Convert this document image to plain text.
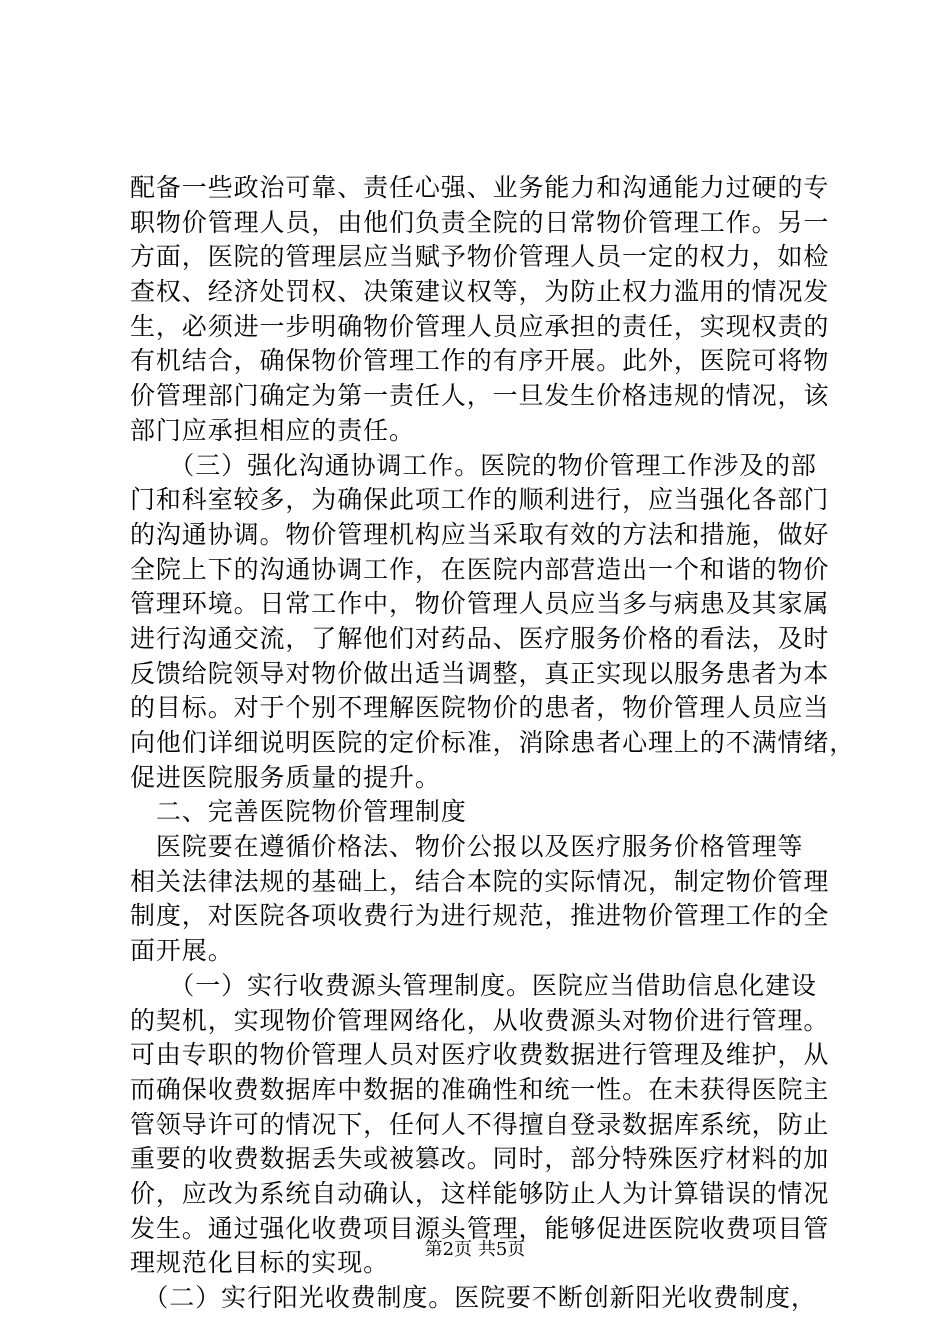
配备一些政治可靠、责任心强、业务能力和沟通能力过硬的专
职物价管理人员，由他们负责全院的日常物价管理工作。另一
方面，医院的管理层应当赋予物价管理人员一定的权力，如检
查权、经济处罚权、决策建议权等，为防止权力滥用的情况发
生，必须进一步明确物价管理人员应承担的责任，实现权责的
有机结合，确保物价管理工作的有序开展。此外，医院可将物
价管理部门确定为第一责任人，一旦发生价格违规的情况，该
部门应承担相应的责任。
　　（三）强化沟通协调工作。医院的物价管理工作涉及的部
门和科室较多，为确保此项工作的顺利进行，应当强化各部门
的沟通协调。物价管理机构应当采取有效的方法和措施，做好
全院上下的沟通协调工作，在医院内部营造出一个和谐的物价
管理环境。日常工作中，物价管理人员应当多与病患及其家属
进行沟通交流，了解他们对药品、医疗服务价格的看法，及时
反馈给院领导对物价做出适当调整，真正实现以服务患者为本
的目标。对于个别不理解医院物价的患者，物价管理人员应当
向他们详细说明医院的定价标准，消除患者心理上的不满情绪，
促进医院服务质量的提升。
　二、完善医院物价管理制度
　医院要在遵循价格法、物价公报以及医疗服务价格管理等
相关法律法规的基础上，结合本院的实际情况，制定物价管理
制度，对医院各项收费行为进行规范，推进物价管理工作的全
面开展。
　　（一）实行收费源头管理制度。医院应当借助信息化建设
的契机，实现物价管理网络化，从收费源头对物价进行管理。
可由专职的物价管理人员对医疗收费数据进行管理及维护，从
而确保收费数据库中数据的准确性和统一性。在未获得医院主
管领导许可的情况下，任何人不得擅自登录数据库系统，防止
重要的收费数据丢失或被篡改。同时，部分特殊医疗材料的加
价，应改为系统自动确认，这样能够防止人为计算错误的情况
发生。通过强化收费项目源头管理，能够促进医院收费项目管
理规范化目标的实现。
　（二）实行阳光收费制度。医院要不断创新阳光收费制度，
第2页 共5页
